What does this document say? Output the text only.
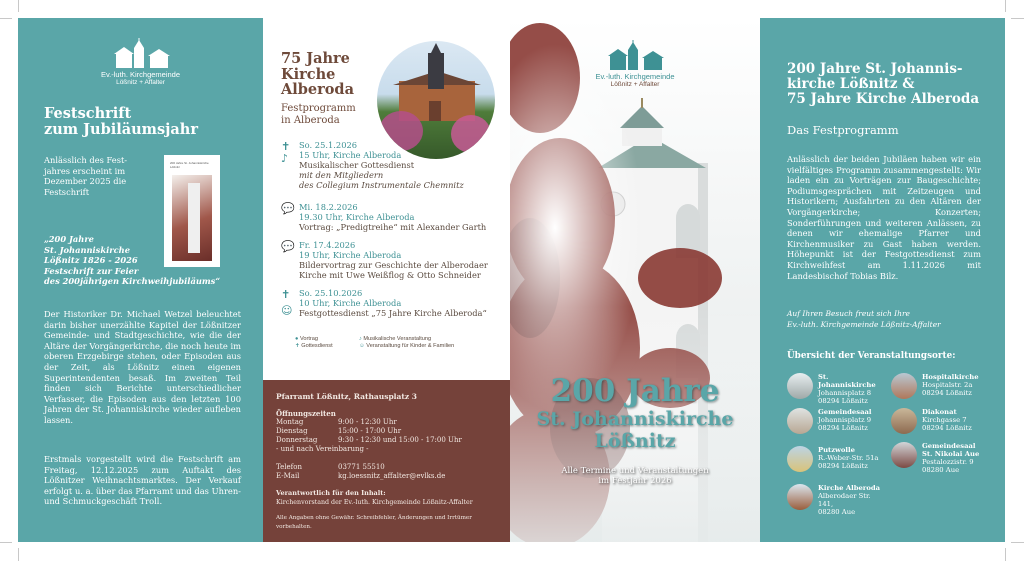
Ev.-luth. Kirchgemeinde
Lößnitz + Affalter
Festschrift
zum Jubiläumsjahr
Anlässlich des Fest-
jahres erscheint im
Dezember 2025 die
Festschrift
200 Jahre St. Johanniskirche Lößnitz
„200 Jahre
St. Johanniskirche
Lößnitz 1826 - 2026
Festschrift zur Feier
des 200jährigen Kirchweihjubiläums“
Der Historiker Dr. Michael Wetzel beleuchtet darin bisher unerzählte Kapitel der Lößnitzer Gemeinde- und Stadtgeschichte, wie die der Altäre der Vorgängerkirche, die noch heute im oberen Erzgebirge stehen, oder Episoden aus der Zeit, als Lößnitz einen eigenen Superintendenten besaß. Im zweiten Teil finden sich Berichte unterschiedlicher Verfasser, die Episoden aus den letzten 100 Jahren der St. Johanniskirche wieder aufleben lassen.
Erstmals vorgestellt wird die Festschrift am Freitag, 12.12.2025 zum Auftakt des Lößnitzer Weihnachtsmarktes. Der Verkauf erfolgt u. a. über das Pfarramt und das Uhren- und Schmuckgeschäft Troll.
75 Jahre
Kirche
Alberoda
Festprogramm
in Alberoda
✝
♪
So. 25.1.2026
15 Uhr, Kirche Alberoda
Musikalischer Gottesdienst
mit den Mitgliedern
des Collegium Instrumentale Chemnitz
💬 Mi. 18.2.2026
19.30 Uhr, Kirche Alberoda
Vortrag: „Predigtreihe“ mit Alexander Garth
💬 Fr. 17.4.2026
19 Uhr, Kirche Alberoda
Bildervortrag zur Geschichte der Alberodaer
Kirche mit Uwe Weißflog & Otto Schneider
✝
☺
So. 25.10.2026
10 Uhr, Kirche Alberoda
Festgottesdienst „75 Jahre Kirche Alberoda“
● Vortrag
✝ Gottesdienst
♪ Musikalische Veranstaltung
☺ Veranstaltung für Kinder & Familien
Pfarramt Lößnitz, Rathausplatz 3
Öffnungszeiten
Montag	9:00 - 12:30 Uhr
Dienstag	15:00 - 17:00 Uhr
Donnerstag	9:30 - 12:30 und 15:00 - 17:00 Uhr
- und nach Vereinbarung -
Telefon	03771 55510
E-Mail	kg.loessnitz_affalter@evlks.de
Verantwortlich für den Inhalt:
Kirchenvorstand der Ev.-luth. Kirchgemeinde Lößnitz-Affalter
Alle Angaben ohne Gewähr. Schreibfehler, Änderungen und Irrtümer vorbehalten.
Ev.-luth. Kirchgemeinde
Lößnitz + Affalter
200 Jahre
St. Johanniskirche
Lößnitz
Alle Termine und Veranstaltungen
im Festjahr 2026
200 Jahre St. Johannis-
kirche Lößnitz &
75 Jahre Kirche Alberoda
Das Festprogramm
Anlässlich der beiden Jubiläen haben wir ein vielfältiges Programm zusammengestellt: Wir laden ein zu Vorträgen zur Baugeschichte; Podiumsgesprächen mit Zeitzeugen und Historikern; Ausfahrten zu den Altären der Vorgängerkirche; Konzerten; Sonderführungen und weiteren Anlässen, zu denen wir ehemalige Pfarrer und Kirchenmusiker zu Gast haben werden. Höhepunkt ist der Festgottesdienst zum Kirchweihfest am 1.11.2026 mit Landesbischof Tobias Bilz.
Auf Ihren Besuch freut sich Ihre
Ev.-luth. Kirchgemeinde Lößnitz-Affalter
Übersicht der Veranstaltungsorte:
St. Johanniskirche
Johannisplatz 8
08294 Lößnitz
Hospitalkirche
Hospitalstr. 2a
08294 Lößnitz
Gemeindesaal
Johannisplatz 9
08294 Lößnitz
Diakonat
Kirchgasse 7
08294 Lößnitz
Putzwolle
R.-Weber-Str. 51a
08294 Lößnitz
Gemeindesaal
St. Nikolai Aue
Pestalozzistr. 9
08280 Aue
Kirche Alberoda
Alberodaer Str. 141,
08280 Aue
